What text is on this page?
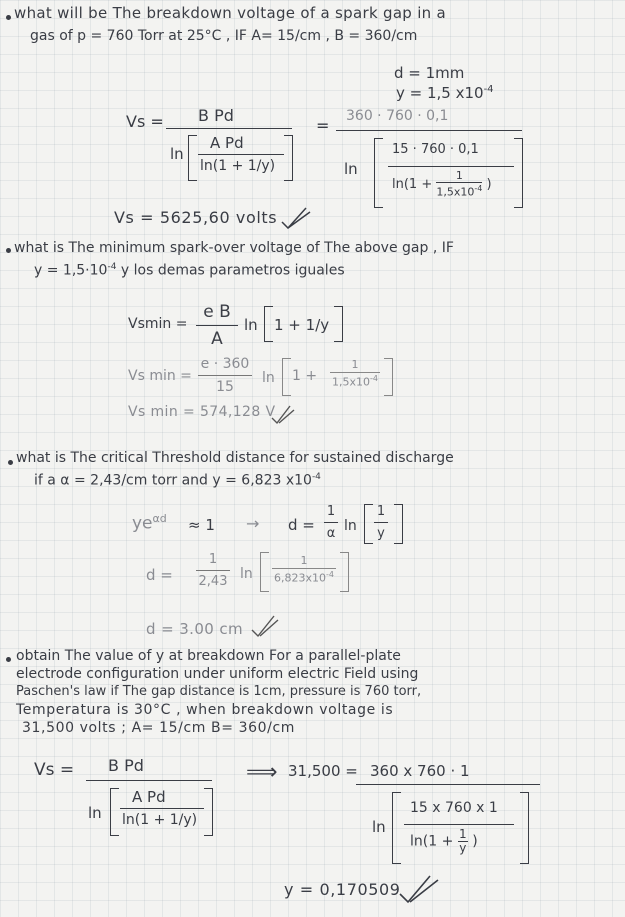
what will be The breakdown voltage of a spark gap in a
gas of p = 760 Torr at 25°C , IF A= 15/cm , B = 360/cm
d = 1mm
y = 1,5 $x10^{-4}$
Vs = B Pd
ln
A Pd
ln(1 + 1/y)
= 360 · 760 · 0,1
ln
15 · 760 · 0,1
$\ln(1 + \frac{1}{1,5x10^{-4}}$ )
Vs = 5625,60 volts
what is The minimum spark-over voltage of The above gap , IF
$y = 1,5\cdot 10^{-4}$ y los demas parametros iguales
Vsmin =
e B
A
ln 1 + 1/y
Vs min =
e · 360
15
ln 1 +
1
$1,5x10^{-4}$
Vs min = 574,128 V
what is The critical Threshold distance for sustained discharge
if a α = 2,43/cm torr and y = 6,823 $x10^{-4}$
$ye^{\alpha d} \approx 1 \to d$ =
1
α ln
1
y
d =
1
2,43 ln
1
$6,823x10^{-4}$
d = 3.00 cm
obtain The value of y at breakdown For a parallel-plate
electrode configuration under uniform electric Field using
Paschen's law if The gap distance is 1cm, pressure is 760 torr,
Temperatura is 30°C , when breakdown voltage is
31,500 volts ; A= 15/cm B= 360/cm
Vs = B Pd
ln
A Pd
ln(1 + 1/y)
⟹ 31,500 = 360 x 760 · 1
ln
15 x 760 x 1
$\ln(1 + \frac{1}{y}$ )
y = 0,170509
